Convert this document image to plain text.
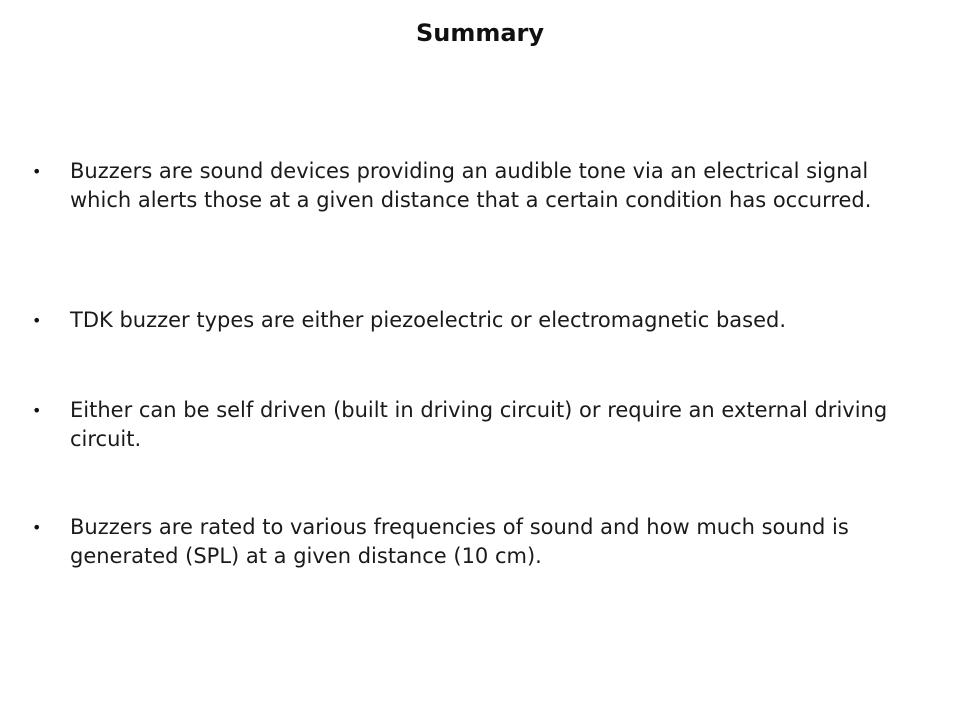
Summary
•	Buzzers are sound devices providing an audible tone via an electrical signal which alerts those at a given distance that a certain condition has occurred.
•	TDK buzzer types are either piezoelectric or electromagnetic based.
•	Either can be self driven (built in driving circuit) or require an external driving circuit.
•	Buzzers are rated to various frequencies of sound and how much sound is generated (SPL) at a given distance (10 cm).
